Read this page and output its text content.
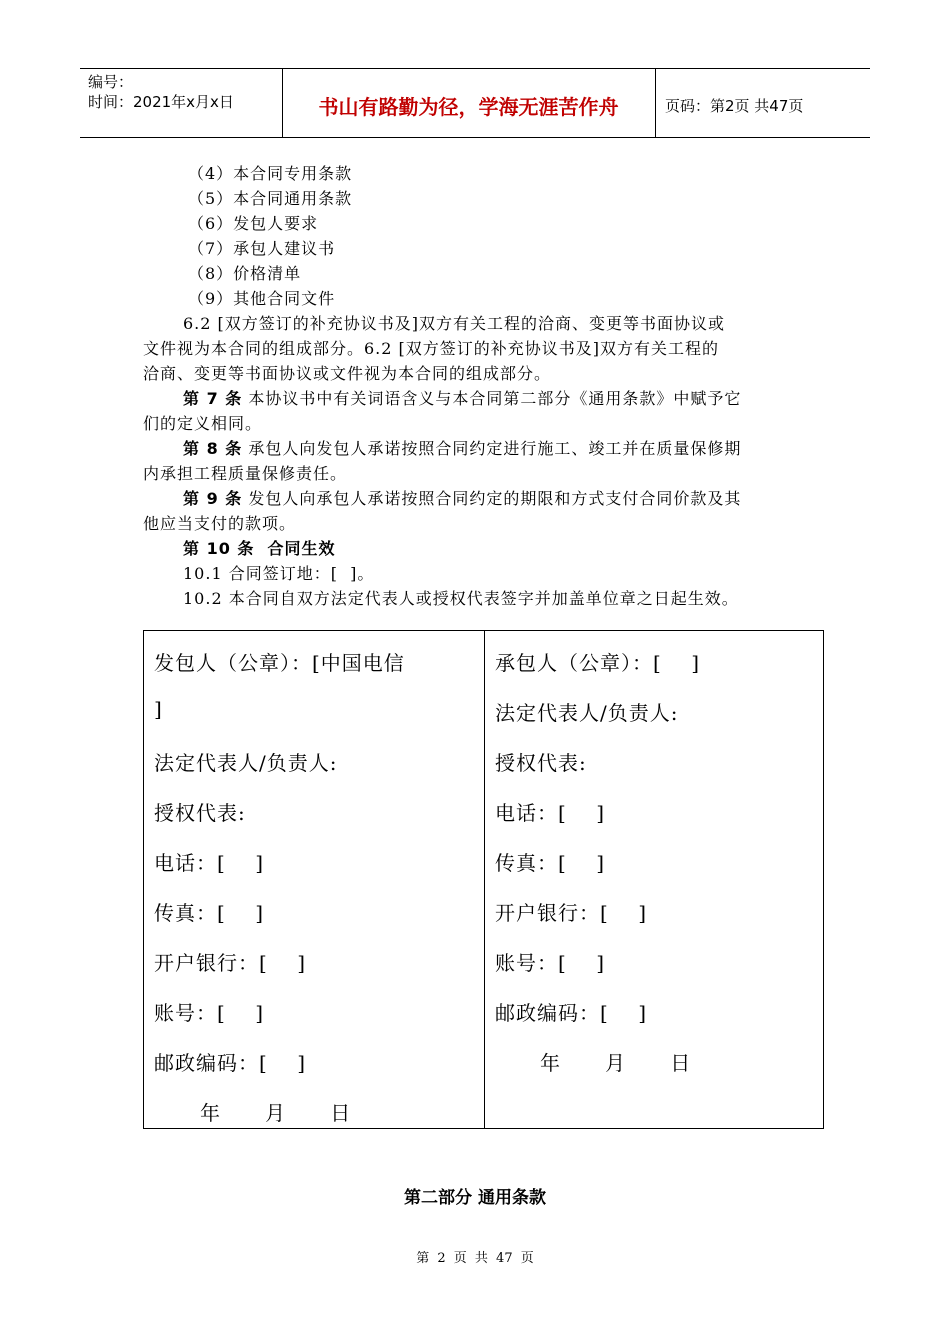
编号：
时间：2021年x月x日	书山有路勤为径，学海无涯苦作舟	页码：第2页 共47页
（4）本合同专用条款
（5）本合同通用条款
（6）发包人要求
（7）承包人建议书
（8）价格清单
（9）其他合同文件
6.2 [双方签订的补充协议书及]双方有关工程的洽商、变更等书面协议或
文件视为本合同的组成部分。6.2 [双方签订的补充协议书及]双方有关工程的
洽商、变更等书面协议或文件视为本合同的组成部分。
第 7 条 本协议书中有关词语含义与本合同第二部分《通用条款》中赋予它
们的定义相同。
第 8 条 承包人向发包人承诺按照合同约定进行施工、竣工并在质量保修期
内承担工程质量保修责任。
第 9 条 发包人向承包人承诺按照合同约定的期限和方式支付合同价款及其
他应当支付的款项。
第 10 条  合同生效
10.1 合同签订地：[  ]。
10.2 本合同自双方法定代表人或授权代表签字并加盖单位章之日起生效。
发包人（公章）：[中国电信
]
法定代表人/负责人:
授权代表:
电话：[    ]
传真：[    ]
开户银行：[    ]
账号：[    ]
邮政编码：[    ]
年      月      日
承包人（公章）：[    ]
法定代表人/负责人:
授权代表:
电话：[    ]
传真：[    ]
开户银行：[    ]
账号：[    ]
邮政编码：[    ]
年      月      日
第二部分 通用条款
第 2 页 共 47 页
